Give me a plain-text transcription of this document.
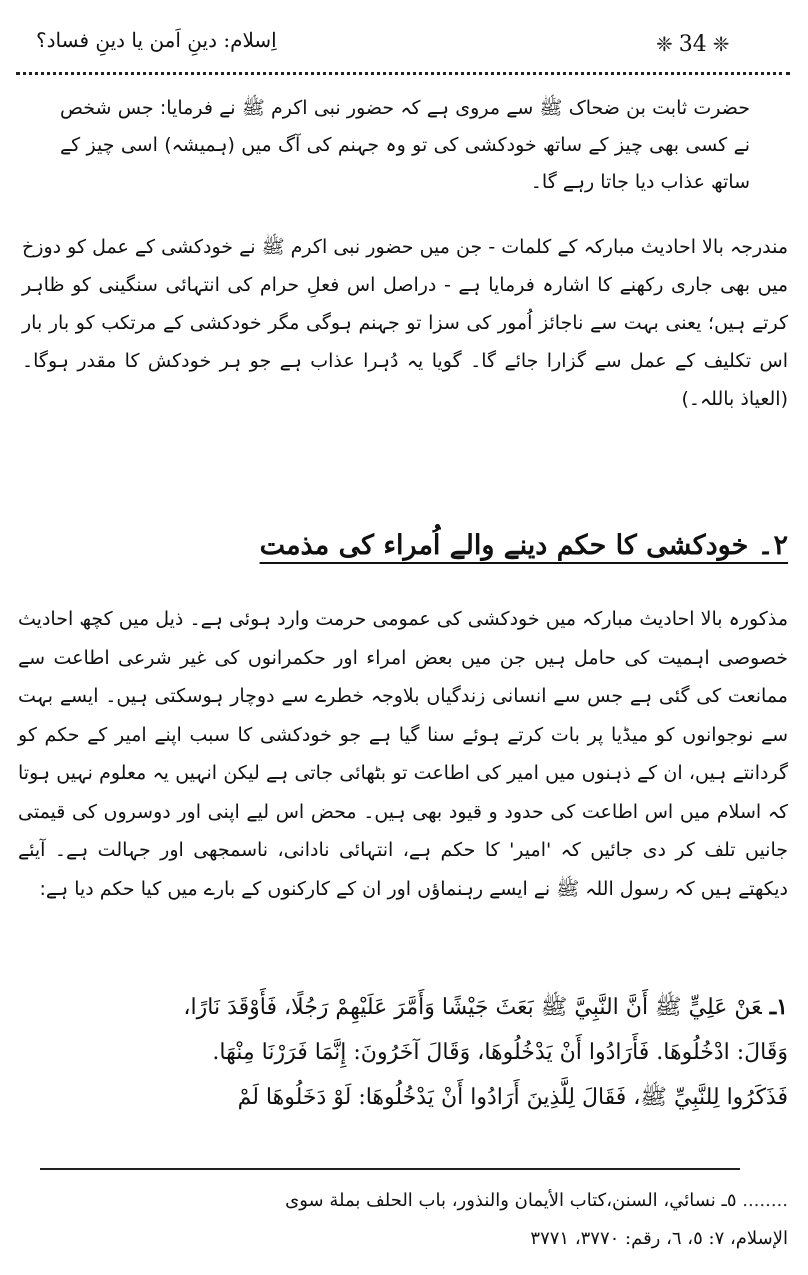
اِسلام: دینِ اَمن یا دینِ فساد؟	❈ 34 ❈
حضرت ثابت بن ضحاک ﷺ سے مروی ہے کہ حضور نبی اکرم ﷺ نے فرمایا: جس شخص نے کسی بھی چیز کے ساتھ خودکشی کی تو وہ جہنم کی آگ میں (ہمیشہ) اسی چیز کے ساتھ عذاب دیا جاتا رہے گا۔
مندرجہ بالا احادیث مبارکہ کے کلمات - جن میں حضور نبی اکرم ﷺ نے خودکشی کے عمل کو دوزخ میں بھی جاری رکھنے کا اشارہ فرمایا ہے - دراصل اس فعلِ حرام کی انتہائی سنگینی کو ظاہر کرتے ہیں؛ یعنی بہت سے ناجائز اُمور کی سزا تو جہنم ہوگی مگر خودکشی کے مرتکب کو بار بار اس تکلیف کے عمل سے گزارا جائے گا۔ گویا یہ دُہرا عذاب ہے جو ہر خودکش کا مقدر ہوگا۔ (العیاذ باللہ۔)
۲۔ خودکشی کا حکم دینے والے اُمراء کی مذمت
مذکورہ بالا احادیث مبارکہ میں خودکشی کی عمومی حرمت وارد ہوئی ہے۔ ذیل میں کچھ احادیث خصوصی اہمیت کی حامل ہیں جن میں بعض امراء اور حکمرانوں کی غیر شرعی اطاعت سے ممانعت کی گئی ہے جس سے انسانی زندگیاں بلاوجہ خطرے سے دوچار ہوسکتی ہیں۔ ایسے بہت سے نوجوانوں کو میڈیا پر بات کرتے ہوئے سنا گیا ہے جو خودکشی کا سبب اپنے امیر کے حکم کو گردانتے ہیں، ان کے ذہنوں میں امیر کی اطاعت تو بٹھائی جاتی ہے لیکن انہیں یہ معلوم نہیں ہوتا کہ اسلام میں اس اطاعت کی حدود و قیود بھی ہیں۔ محض اس لیے اپنی اور دوسروں کی قیمتی جانیں تلف کر دی جائیں کہ 'امیر' کا حکم ہے، انتہائی نادانی، ناسمجھی اور جہالت ہے۔ آیئے دیکھتے ہیں کہ رسول اللہ ﷺ نے ایسے رہنماؤں اور ان کے کارکنوں کے بارے میں کیا حکم دیا ہے:
١ـعَنْ عَلِيٍّ ﷺ أَنَّ النَّبِيَّ ﷺ بَعَثَ جَيْشًا وَأَمَّرَ عَلَيْهِمْ رَجُلًا، فَأَوْقَدَ نَارًا،
وَقَالَ: ادْخُلُوهَا. فَأَرَادُوا أَنْ يَدْخُلُوهَا، وَقَالَ آخَرُونَ: إِنَّمَا فَرَرْنَا مِنْهَا.
فَذَكَرُوا لِلنَّبِيِّ ﷺ، فَقَالَ لِلَّذِينَ أَرَادُوا أَنْ يَدْخُلُوهَا: لَوْ دَخَلُوهَا لَمْ
........ ٥ـ نسائي، السنن،كتاب الأيمان والنذور، باب الحلف بملة سوى
الإسلام، ٧: ٥، ٦، رقم: ٣٧٧٠، ٣٧٧١
